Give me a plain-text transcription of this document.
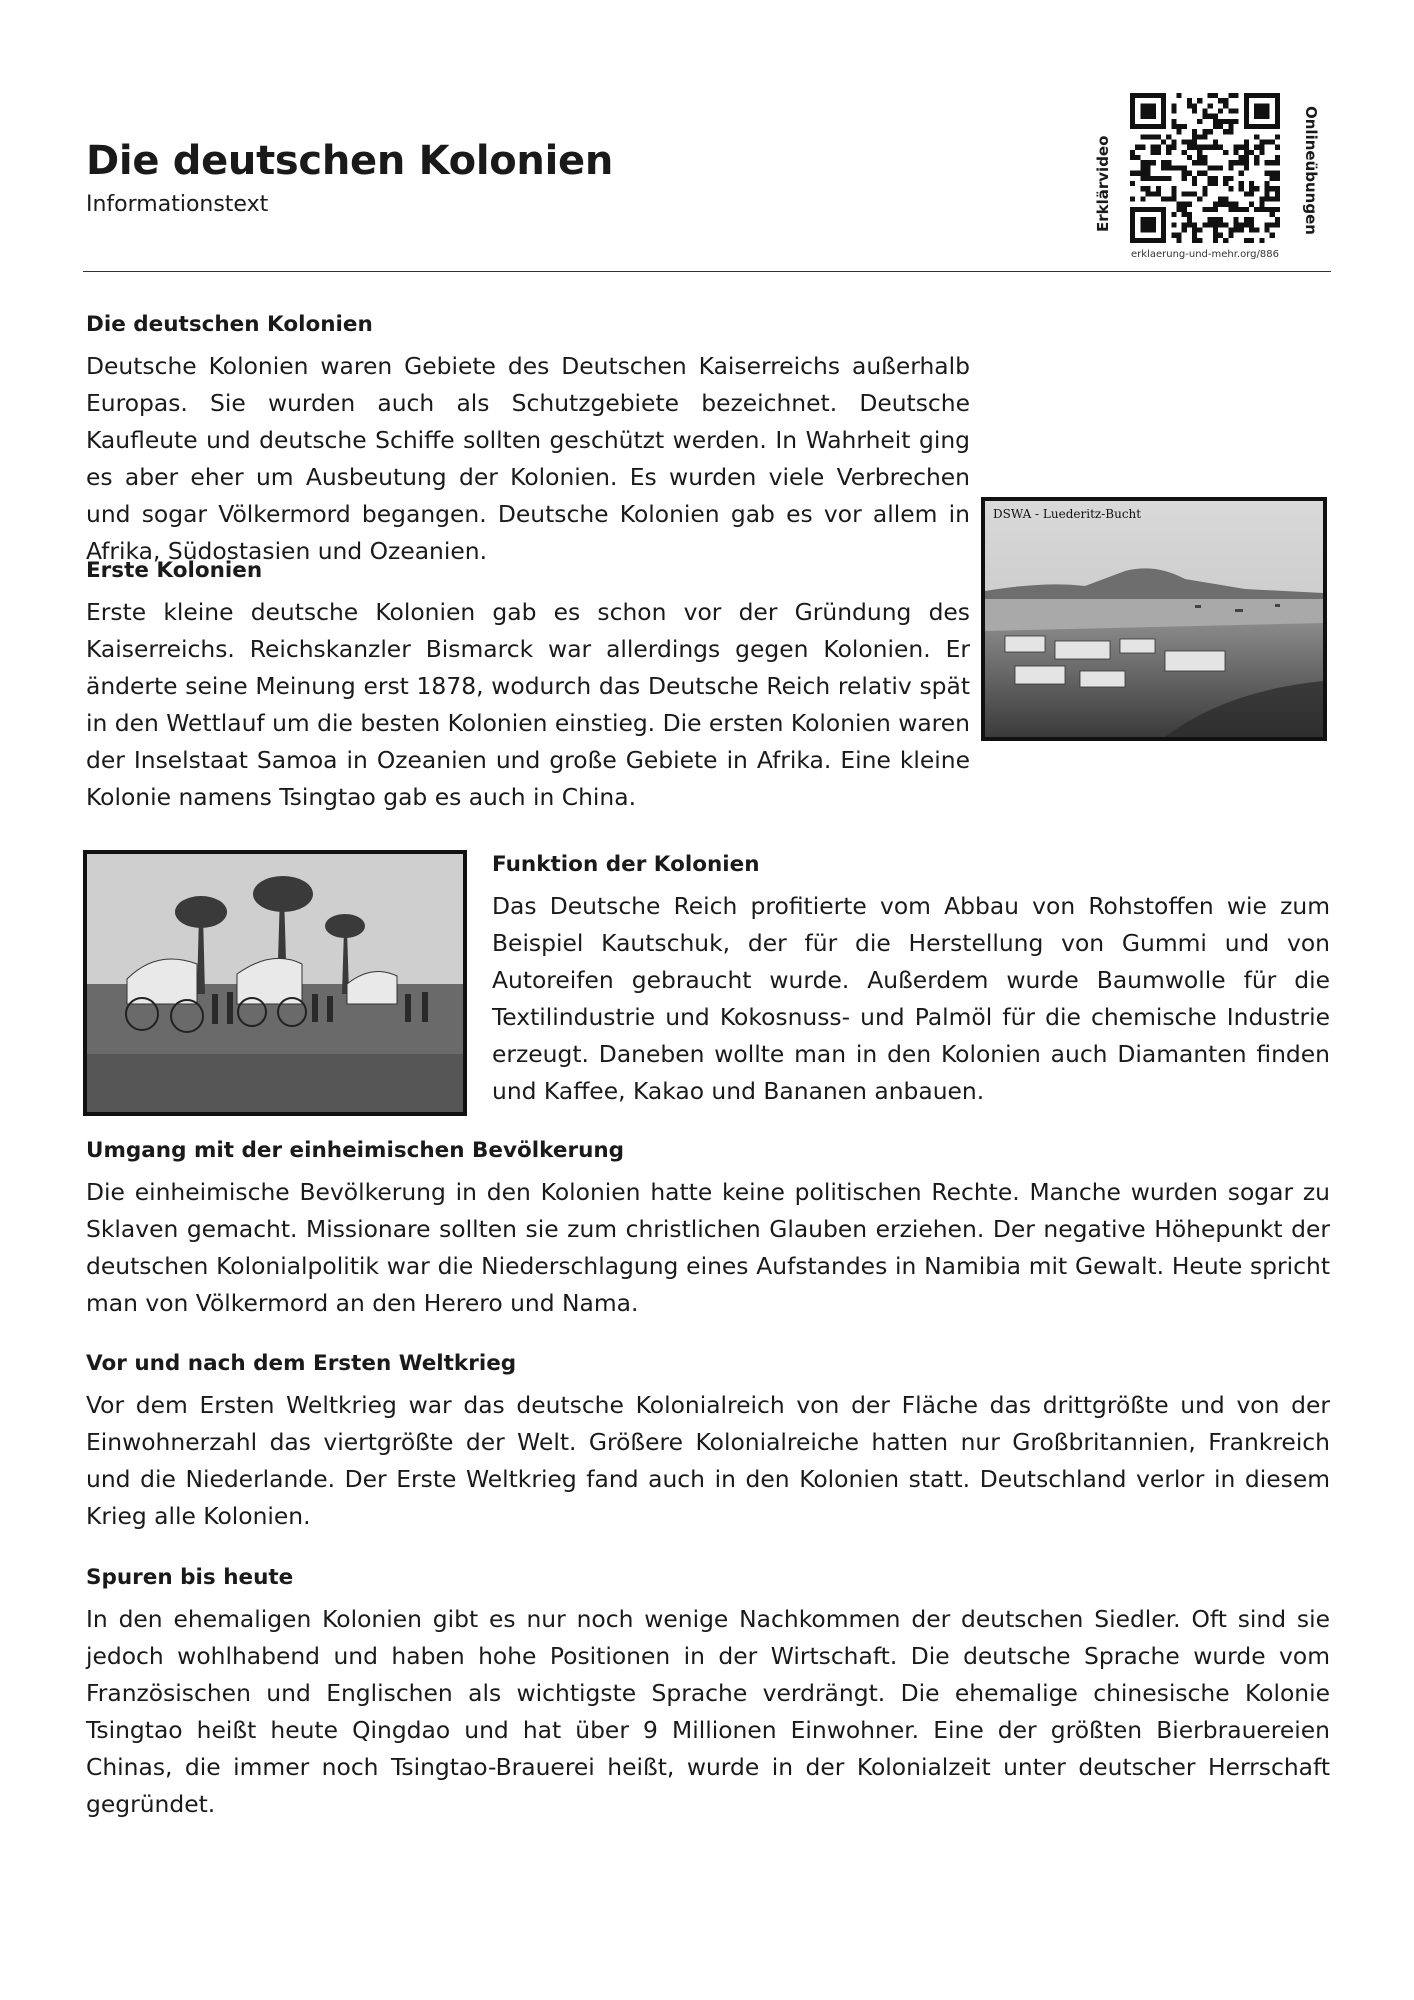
Die deutschen Kolonien
Informationstext	Erklärvideo	Onlineübungen
erklaerung-und-mehr.org/886
Die deutschen Kolonien

Deutsche Kolonien waren Gebiete des Deutschen Kaiserreichs außerhalb Europas. Sie wurden auch als Schutzgebiete bezeichnet. Deutsche Kaufleute und deutsche Schiffe sollten geschützt werden. In Wahrheit ging es aber eher um Ausbeutung der Kolonien. Es wurden viele Verbrechen und sogar Völkermord begangen. Deutsche Kolonien gab es vor allem in Afrika, Südostasien und Ozeanien.

DSWA - Luederitz-Bucht
Erste Kolonien

Erste kleine deutsche Kolonien gab es schon vor der Gründung des Kaiserreichs. Reichskanzler Bismarck war allerdings gegen Kolonien. Er änderte seine Meinung erst 1878, wodurch das Deutsche Reich relativ spät in den Wettlauf um die besten Kolonien einstieg. Die ersten Kolonien waren der Inselstaat Samoa in Ozeanien und große Gebiete in Afrika. Eine kleine Kolonie namens Tsingtao gab es auch in China.

Funktion der Kolonien

Das Deutsche Reich profitierte vom Abbau von Rohstoffen wie zum Beispiel Kautschuk, der für die Herstellung von Gummi und von Autoreifen gebraucht wurde. Außerdem wurde Baumwolle für die Textilindustrie und Kokosnuss- und Palmöl für die chemische Industrie erzeugt. Daneben wollte man in den Kolonien auch Diamanten finden und Kaffee, Kakao und Bananen anbauen.

Umgang mit der einheimischen Bevölkerung

Die einheimische Bevölkerung in den Kolonien hatte keine politischen Rechte. Manche wurden sogar zu Sklaven gemacht. Missionare sollten sie zum christlichen Glauben erziehen. Der negative Höhepunkt der deutschen Kolonialpolitik war die Niederschlagung eines Aufstandes in Namibia mit Gewalt. Heute spricht man von Völkermord an den Herero und Nama.

Vor und nach dem Ersten Weltkrieg

Vor dem Ersten Weltkrieg war das deutsche Kolonialreich von der Fläche das drittgrößte und von der Einwohnerzahl das viertgrößte der Welt. Größere Kolonialreiche hatten nur Großbritannien, Frankreich und die Niederlande. Der Erste Weltkrieg fand auch in den Kolonien statt. Deutschland verlor in diesem Krieg alle Kolonien.

Spuren bis heute

In den ehemaligen Kolonien gibt es nur noch wenige Nachkommen der deutschen Siedler. Oft sind sie jedoch wohlhabend und haben hohe Positionen in der Wirtschaft. Die deutsche Sprache wurde vom Französischen und Englischen als wichtigste Sprache verdrängt. Die ehemalige chinesische Kolonie Tsingtao heißt heute Qingdao und hat über 9 Millionen Einwohner. Eine der größten Bierbrauereien Chinas, die immer noch Tsingtao-Brauerei heißt, wurde in der Kolonialzeit unter deutscher Herrschaft gegründet.
